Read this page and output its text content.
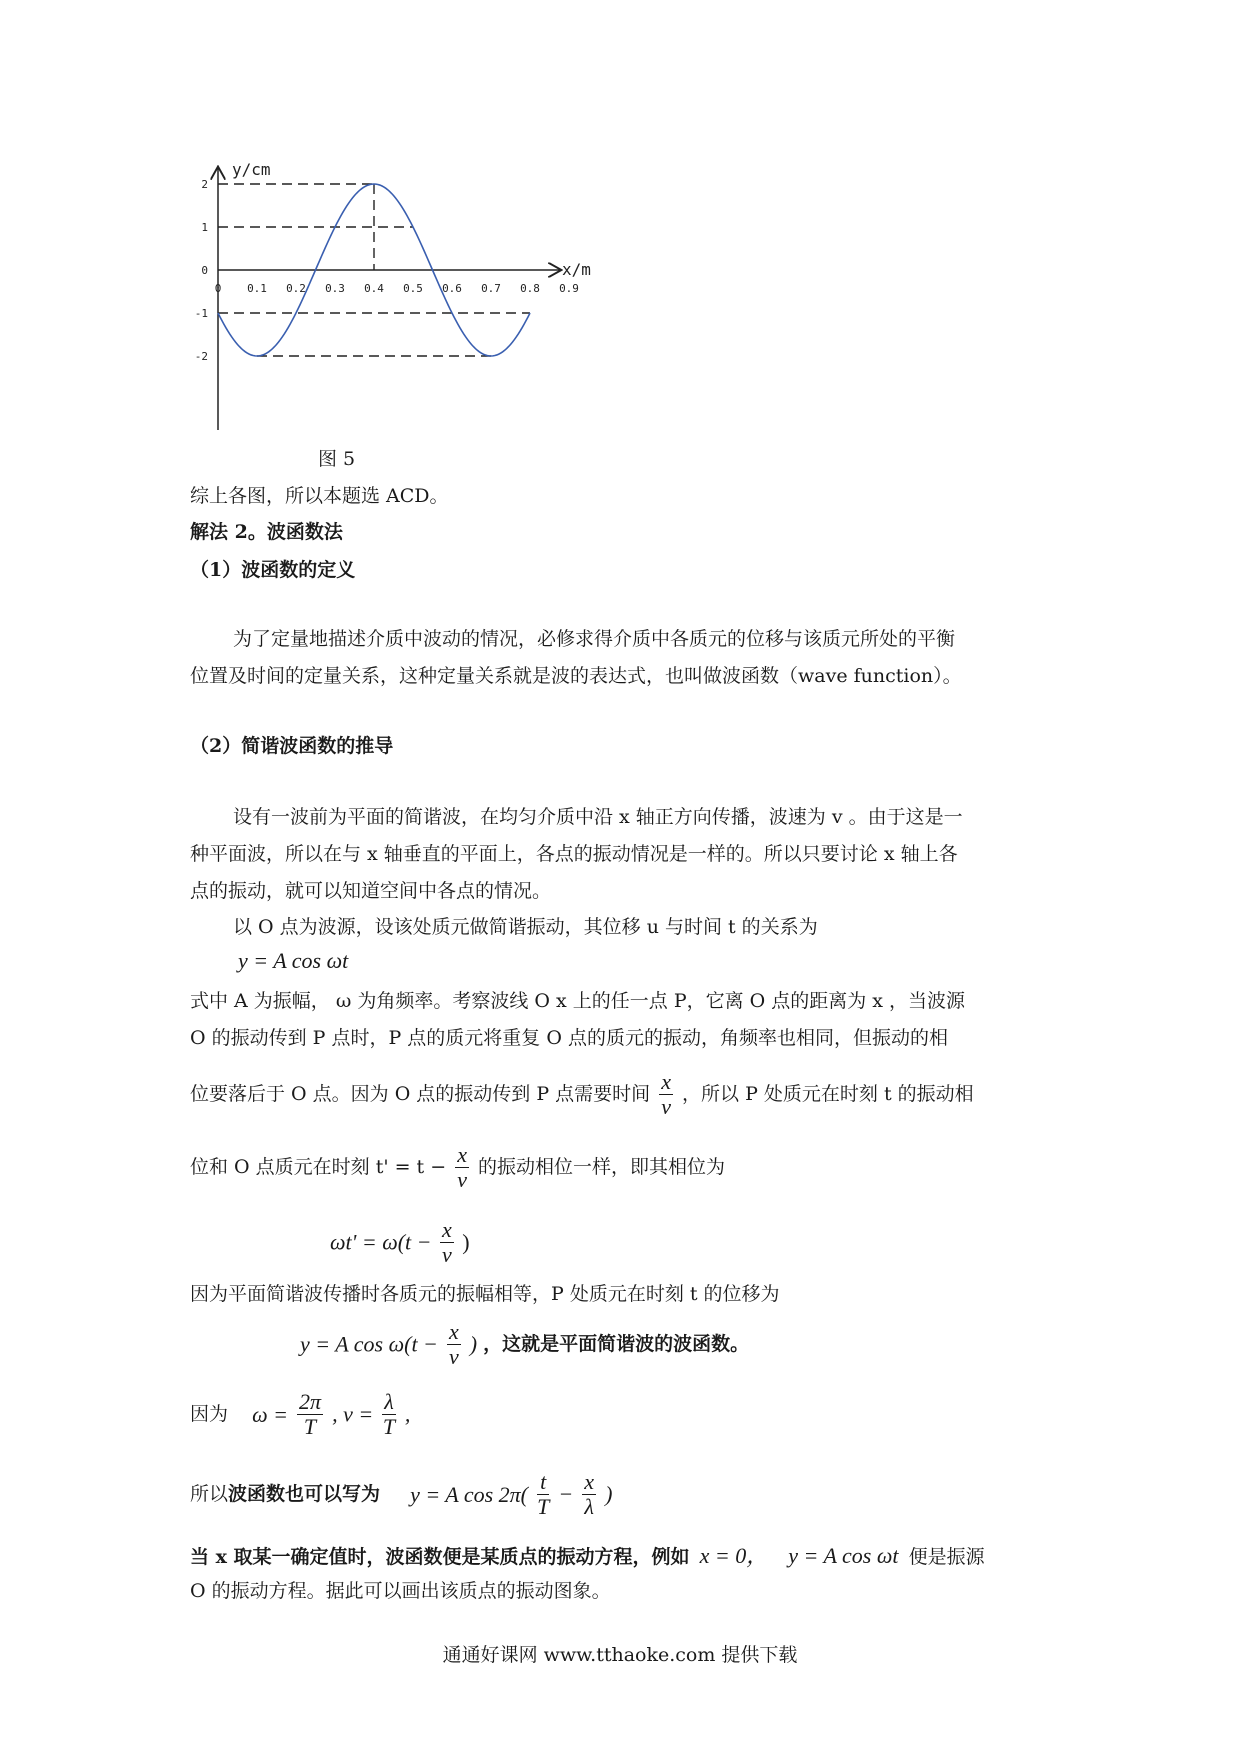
2
1
0
-1
-2
0 0.1 0.2 0.3 0.4 0.5 0.6 0.7 0.8 0.9
y/cm
x/m
图 5
综上各图，所以本题选 ACD。
解法 2。波函数法
（1）波函数的定义
为了定量地描述介质中波动的情况，必修求得介质中各质元的位移与该质元所处的平衡
位置及时间的定量关系，这种定量关系就是波的表达式，也叫做波函数（wave function）。
（2）简谐波函数的推导
设有一波前为平面的简谐波，在均匀介质中沿 x 轴正方向传播，波速为 v 。由于这是一
种平面波，所以在与 x 轴垂直的平面上，各点的振动情况是一样的。所以只要讨论 x 轴上各
点的振动，就可以知道空间中各点的情况。
以 O 点为波源，设该处质元做简谐振动，其位移 u 与时间 t 的关系为
y = A cos ωt
式中 A 为振幅， ω 为角频率。考察波线 O x 上的任一点 P，它离 O 点的距离为 x ，当波源
O 的振动传到 P 点时，P 点的质元将重复 O 点的质元的振动，角频率也相同，但振动的相
位要落后于 O 点。因为 O 点的振动传到 P 点需要时间 $\frac{x}{v}$ ，所以 P 处质元在时刻 t 的振动相
位和 O 点质元在时刻 $t' = t - \frac{x}{v}$ 的振动相位一样，即其相位为
$\omega t' = \omega(t - \frac{x}{v}$ )
因为平面简谐波传播时各质元的振幅相等，P 处质元在时刻 t 的位移为
y = A $\cos \omega(t - \frac{x}{v}$ ) ，这就是平面简谐波的波函数。
因为 $\omega = \frac{2\pi}{T}$ , $v = \frac{\lambda}{T}$ ,
所以波函数也可以写为 y = A $\cos 2\pi( \frac{t}{T} - \frac{x}{\lambda}$ )
当 x 取某一确定值时，波函数便是某质点的振动方程，例如 x = 0， y = A cos ωt 便是振源
O 的振动方程。据此可以画出该质点的振动图象。
通通好课网 www.tthaoke.com 提供下载
